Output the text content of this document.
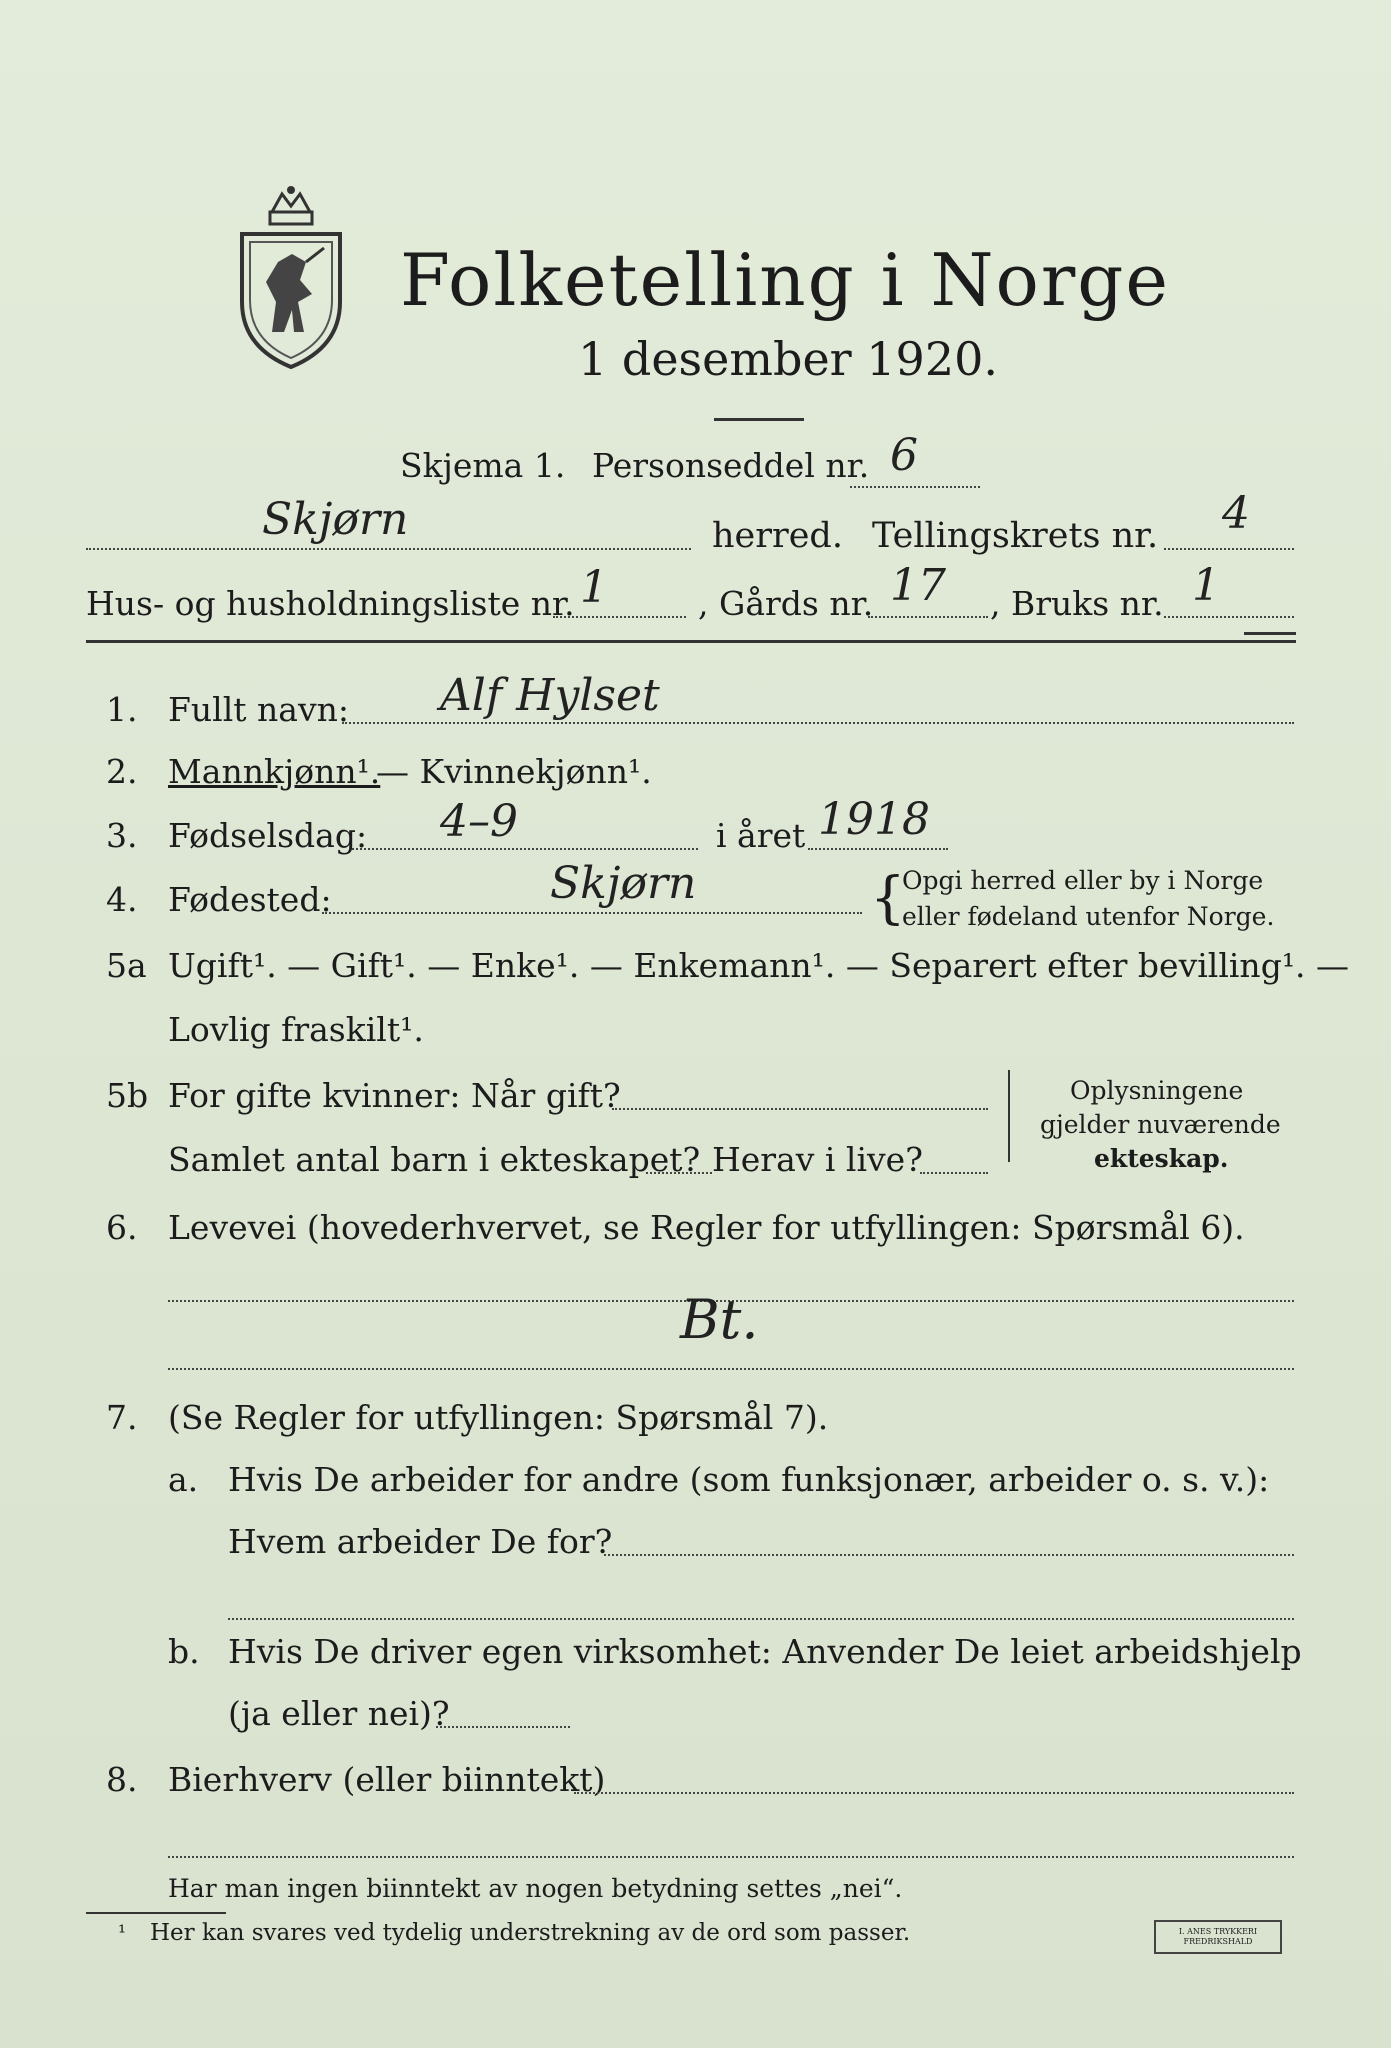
Folketelling i Norge
1 desember 1920.
Skjema 1. Personseddel nr. 6
Skjørn	herred. Tellingskrets nr. 4
Hus- og husholdningsliste nr. 1	, Gårds nr. 17 , Bruks nr. 1
1. Fullt navn: Alf Hylset
2. Mannkjønn¹.
— Kvinnekjønn¹.
3. Fødselsdag: 4–9	i året 1918
4. Fødested:	Skjørn	{
Opgi herred eller by i Norge
eller fødeland utenfor Norge.
5a Ugift¹. — Gift¹. — Enke¹. — Enkemann¹. — Separert efter bevilling¹. —
Lovlig fraskilt¹.
5b For gifte kvinner: Når gift?
Samlet antal barn i ekteskapet? Herav i live?
Oplysningene
gjelder nuværende
ekteskap.
6. Levevei (hovederhvervet, se Regler for utfyllingen: Spørsmål 6).
Bt.
7. (Se Regler for utfyllingen: Spørsmål 7).
a. Hvis De arbeider for andre (som funksjonær, arbeider o. s. v.):
Hvem arbeider De for?
b. Hvis De driver egen virksomhet: Anvender De leiet arbeidshjelp
(ja eller nei)?
8. Bierhverv (eller biinntekt)
Har man ingen biinntekt av nogen betydning settes „nei“.
¹ Her kan svares ved tydelig understrekning av de ord som passer.	I. ANES TRYKKERI
FREDRIKSHALD
